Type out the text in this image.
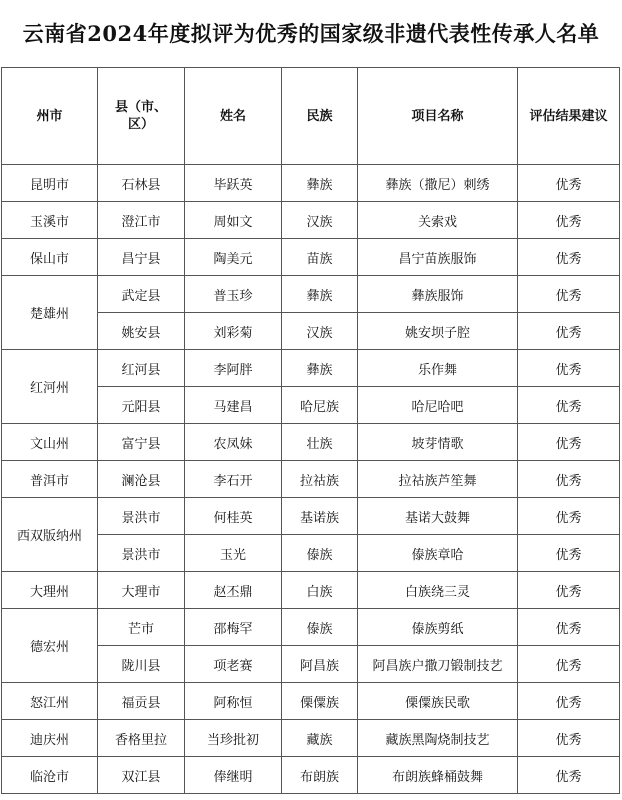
云南省2024年度拟评为优秀的国家级非遗代表性传承人名单
州市	县（市、区）	姓名	民族	项目名称	评估结果建议
昆明市	石林县	毕跃英	彝族	彝族（撒尼）刺绣	优秀
玉溪市	澄江市	周如文	汉族	关索戏	优秀
保山市	昌宁县	陶美元	苗族	昌宁苗族服饰	优秀
楚雄州	武定县	普玉珍	彝族	彝族服饰	优秀
	姚安县	刘彩菊	汉族	姚安坝子腔	优秀
红河州	红河县	李阿胖	彝族	乐作舞	优秀
	元阳县	马建昌	哈尼族	哈尼哈吧	优秀
文山州	富宁县	农凤妹	壮族	坡芽情歌	优秀
普洱市	澜沧县	李石开	拉祜族	拉祜族芦笙舞	优秀
西双版纳州	景洪市	何桂英	基诺族	基诺大鼓舞	优秀
	景洪市	玉光	傣族	傣族章哈	优秀
大理州	大理市	赵丕鼎	白族	白族绕三灵	优秀
德宏州	芒市	邵梅罕	傣族	傣族剪纸	优秀
	陇川县	项老赛	阿昌族	阿昌族户撒刀锻制技艺	优秀
怒江州	福贡县	阿称恒	傈僳族	傈僳族民歌	优秀
迪庆州	香格里拉	当珍批初	藏族	藏族黑陶烧制技艺	优秀
临沧市	双江县	俸继明	布朗族	布朗族蜂桶鼓舞	优秀
